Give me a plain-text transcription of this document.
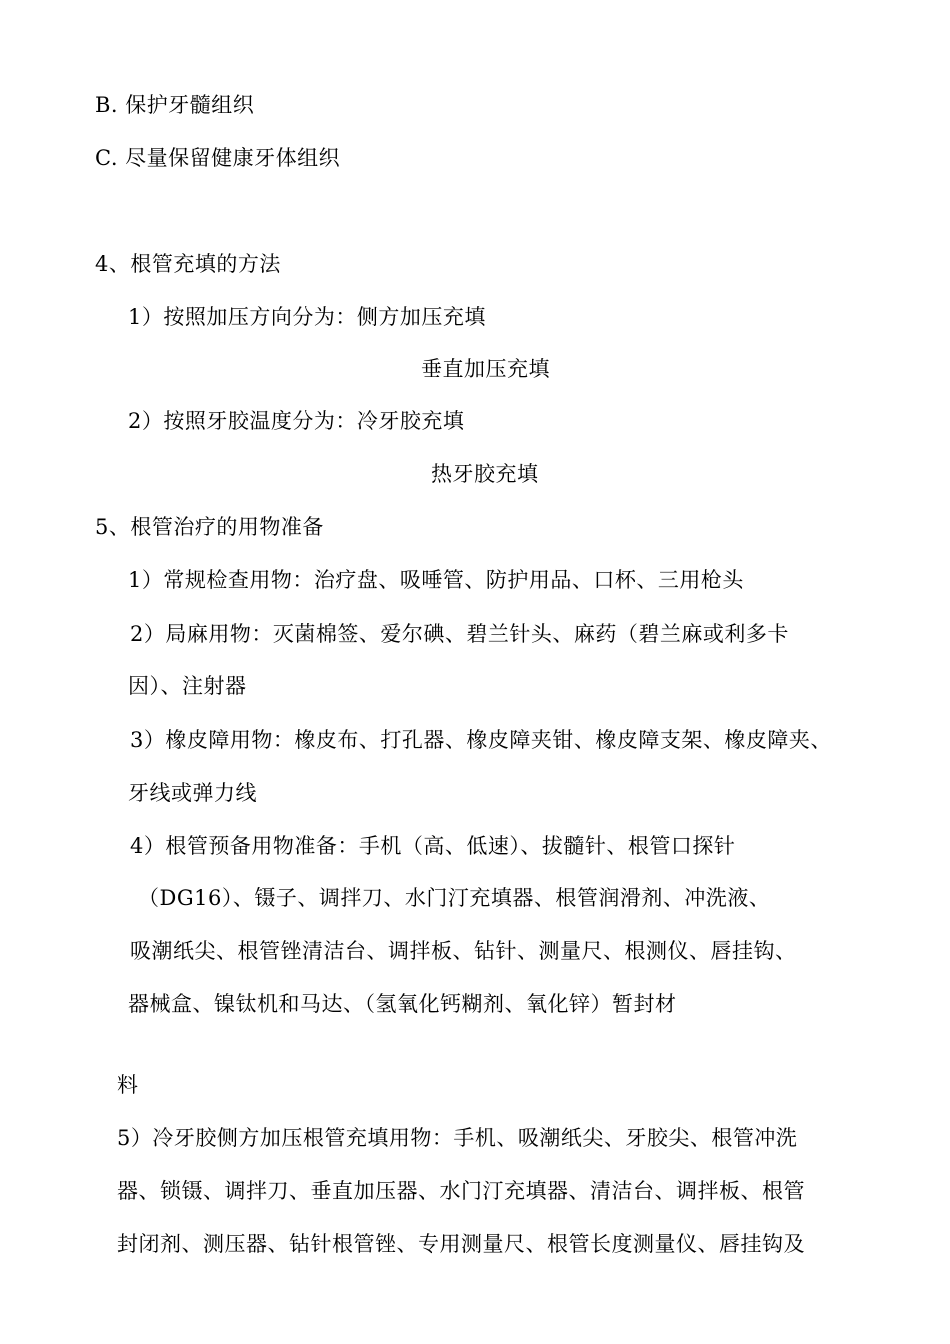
B. 保护牙髓组织
C. 尽量保留健康牙体组织
4、根管充填的方法
1）按照加压方向分为：侧方加压充填
垂直加压充填
2）按照牙胶温度分为：冷牙胶充填
热牙胶充填
5、根管治疗的用物准备
1）常规检查用物：治疗盘、吸唾管、防护用品、口杯、三用枪头
2）局麻用物：灭菌棉签、爱尔碘、碧兰针头、麻药（碧兰麻或利多卡
因）、注射器
3）橡皮障用物：橡皮布、打孔器、橡皮障夹钳、橡皮障支架、橡皮障夹、
牙线或弹力线
4）根管预备用物准备：手机（高、低速）、拔髓针、根管口探针
（DG16）、镊子、调拌刀、水门汀充填器、根管润滑剂、冲洗液、
吸潮纸尖、根管锉清洁台、调拌板、钻针、测量尺、根测仪、唇挂钩、
器械盒、镍钛机和马达、（氢氧化钙糊剂、氧化锌）暂封材
料
5）冷牙胶侧方加压根管充填用物：手机、吸潮纸尖、牙胶尖、根管冲洗
器、锁镊、调拌刀、垂直加压器、水门汀充填器、清洁台、调拌板、根管
封闭剂、测压器、钻针根管锉、专用测量尺、根管长度测量仪、唇挂钩及
